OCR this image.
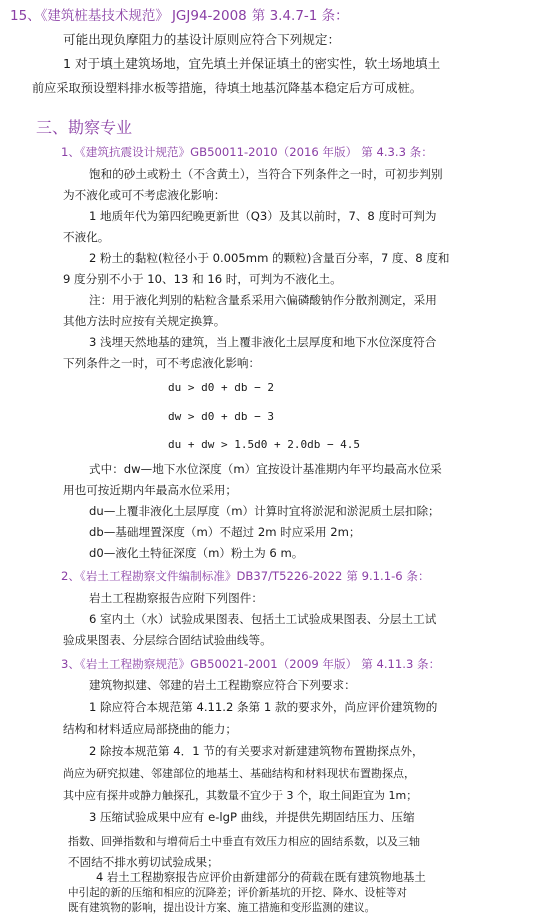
15、《建筑桩基技术规范》 JGJ94-2008 第 3.4.7-1 条：
可能出现负摩阻力的基设计原则应符合下列规定：
1 对于填土建筑场地，宜先填土并保证填土的密实性，软土场地填土
前应采取预设塑料排水板等措施，待填土地基沉降基本稳定后方可成桩。
三、勘察专业
1、《建筑抗震设计规范》GB50011-2010（2016 年版） 第 4.3.3 条：
饱和的砂土或粉土（不含黄土），当符合下列条件之一时，可初步判别
为不液化或可不考虑液化影响：
1 地质年代为第四纪晚更新世（Q3）及其以前时，7、8 度时可判为
不液化。
2 粉土的黏粒(粒径小于 0.005mm 的颗粒)含量百分率，7 度、8 度和
9 度分别不小于 10、13 和 16 时，可判为不液化土。
注：用于液化判别的粘粒含量系采用六偏磷酸钠作分散剂测定，采用
其他方法时应按有关规定换算。
3 浅埋天然地基的建筑，当上覆非液化土层厚度和地下水位深度符合
下列条件之一时，可不考虑液化影响：
du > d0 + db − 2
dw > d0 + db − 3
du + dw > 1.5d0 + 2.0db − 4.5
式中：dw—地下水位深度（m）宜按设计基准期内年平均最高水位采
用也可按近期内年最高水位采用；
du—上覆非液化土层厚度（m）计算时宜将淤泥和淤泥质土层扣除；
db—基础埋置深度（m）不超过 2m 时应采用 2m；
d0—液化土特征深度（m）粉土为 6 m。
2、《岩土工程勘察文件编制标准》DB37/T5226-2022 第 9.1.1-6 条：
岩土工程勘察报告应附下列图件：
6 室内土（水）试验成果图表、包括土工试验成果图表、分层土工试
验成果图表、分层综合固结试验曲线等。
3、《岩土工程勘察规范》GB50021-2001（2009 年版） 第 4.11.3 条：
建筑物拟建、邻建的岩土工程勘察应符合下列要求：
1 除应符合本规范第 4.11.2 条第 1 款的要求外，尚应评价建筑物的
结构和材料适应局部挠曲的能力；
2 除按本规范第 4．1 节的有关要求对新建建筑物布置勘探点外，
尚应为研究拟建、邻建部位的地基土、基础结构和材料现状布置勘探点，
其中应有探井或静力触探孔，其数量不宜少于 3 个，取土间距宜为 1m；
3 压缩试验成果中应有 e-lgP 曲线，并提供先期固结压力、压缩
指数、回弹指数和与增荷后土中垂直有效压力相应的固结系数，以及三轴
不固结不排水剪切试验成果；
4 岩土工程勘察报告应评价由新建部分的荷载在既有建筑物地基土
中引起的新的压缩和相应的沉降差；评价新基坑的开挖、降水、设桩等对
既有建筑物的影响，提出设计方案、施工措施和变形监测的建议。
